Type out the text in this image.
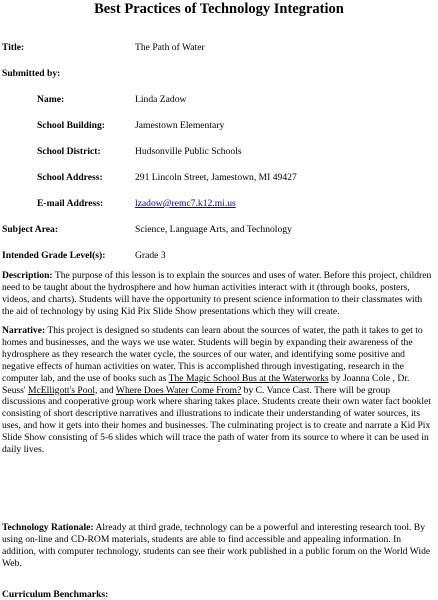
Best Practices of Technology Integration
Title:	The Path of Water
Submitted by:
Name:	Linda Zadow
School Building:	Jamestown Elementary
School District:	Hudsonville Public Schools
School Address:	291 Lincoln Street, Jamestown, MI 49427
E-mail Address:	lzadow@remc7.k12.mi.us
Subject Area:	Science, Language Arts, and Technology
Intended Grade Level(s):	Grade 3

Description: The purpose of this lesson is to explain the sources and uses of water. Before this project, children need to be taught about the hydrosphere and how human activities interact with it (through books, posters, videos, and charts). Students will have the opportunity to present science information to their classmates with the aid of technology by using Kid Pix Slide Show presentations which they will create.

Narrative: This project is designed so students can learn about the sources of water, the path it takes to get to homes and businesses, and the ways we use water. Students will begin by expanding their awareness of the hydrosphere as they research the water cycle, the sources of our water, and identifying some positive and negative effects of human activities on water. This is accomplished through investigating, research in the computer lab, and the use of books such as The Magic School Bus at the Waterworks by Joanna Cole , Dr. Seuss' McElligott's Pool, and Where Does Water Come From? by C. Vance Cast. There will be group discussions and cooperative group work where sharing takes place. Students create their own water fact booklet consisting of short descriptive narratives and illustrations to indicate their understanding of water sources, its uses, and how it gets into their homes and businesses. The culminating project is to create and narrate a Kid Pix Slide Show consisting of 5-6 slides which will trace the path of water from its source to where it can be used in daily lives.

Technology Rationale: Already at third grade, technology can be a powerful and interesting research tool. By using on-line and CD-ROM materials, students are able to find accessible and appealing information. In addition, with computer technology, students can see their work published in a public forum on the World Wide Web.

Curriculum Benchmarks:
